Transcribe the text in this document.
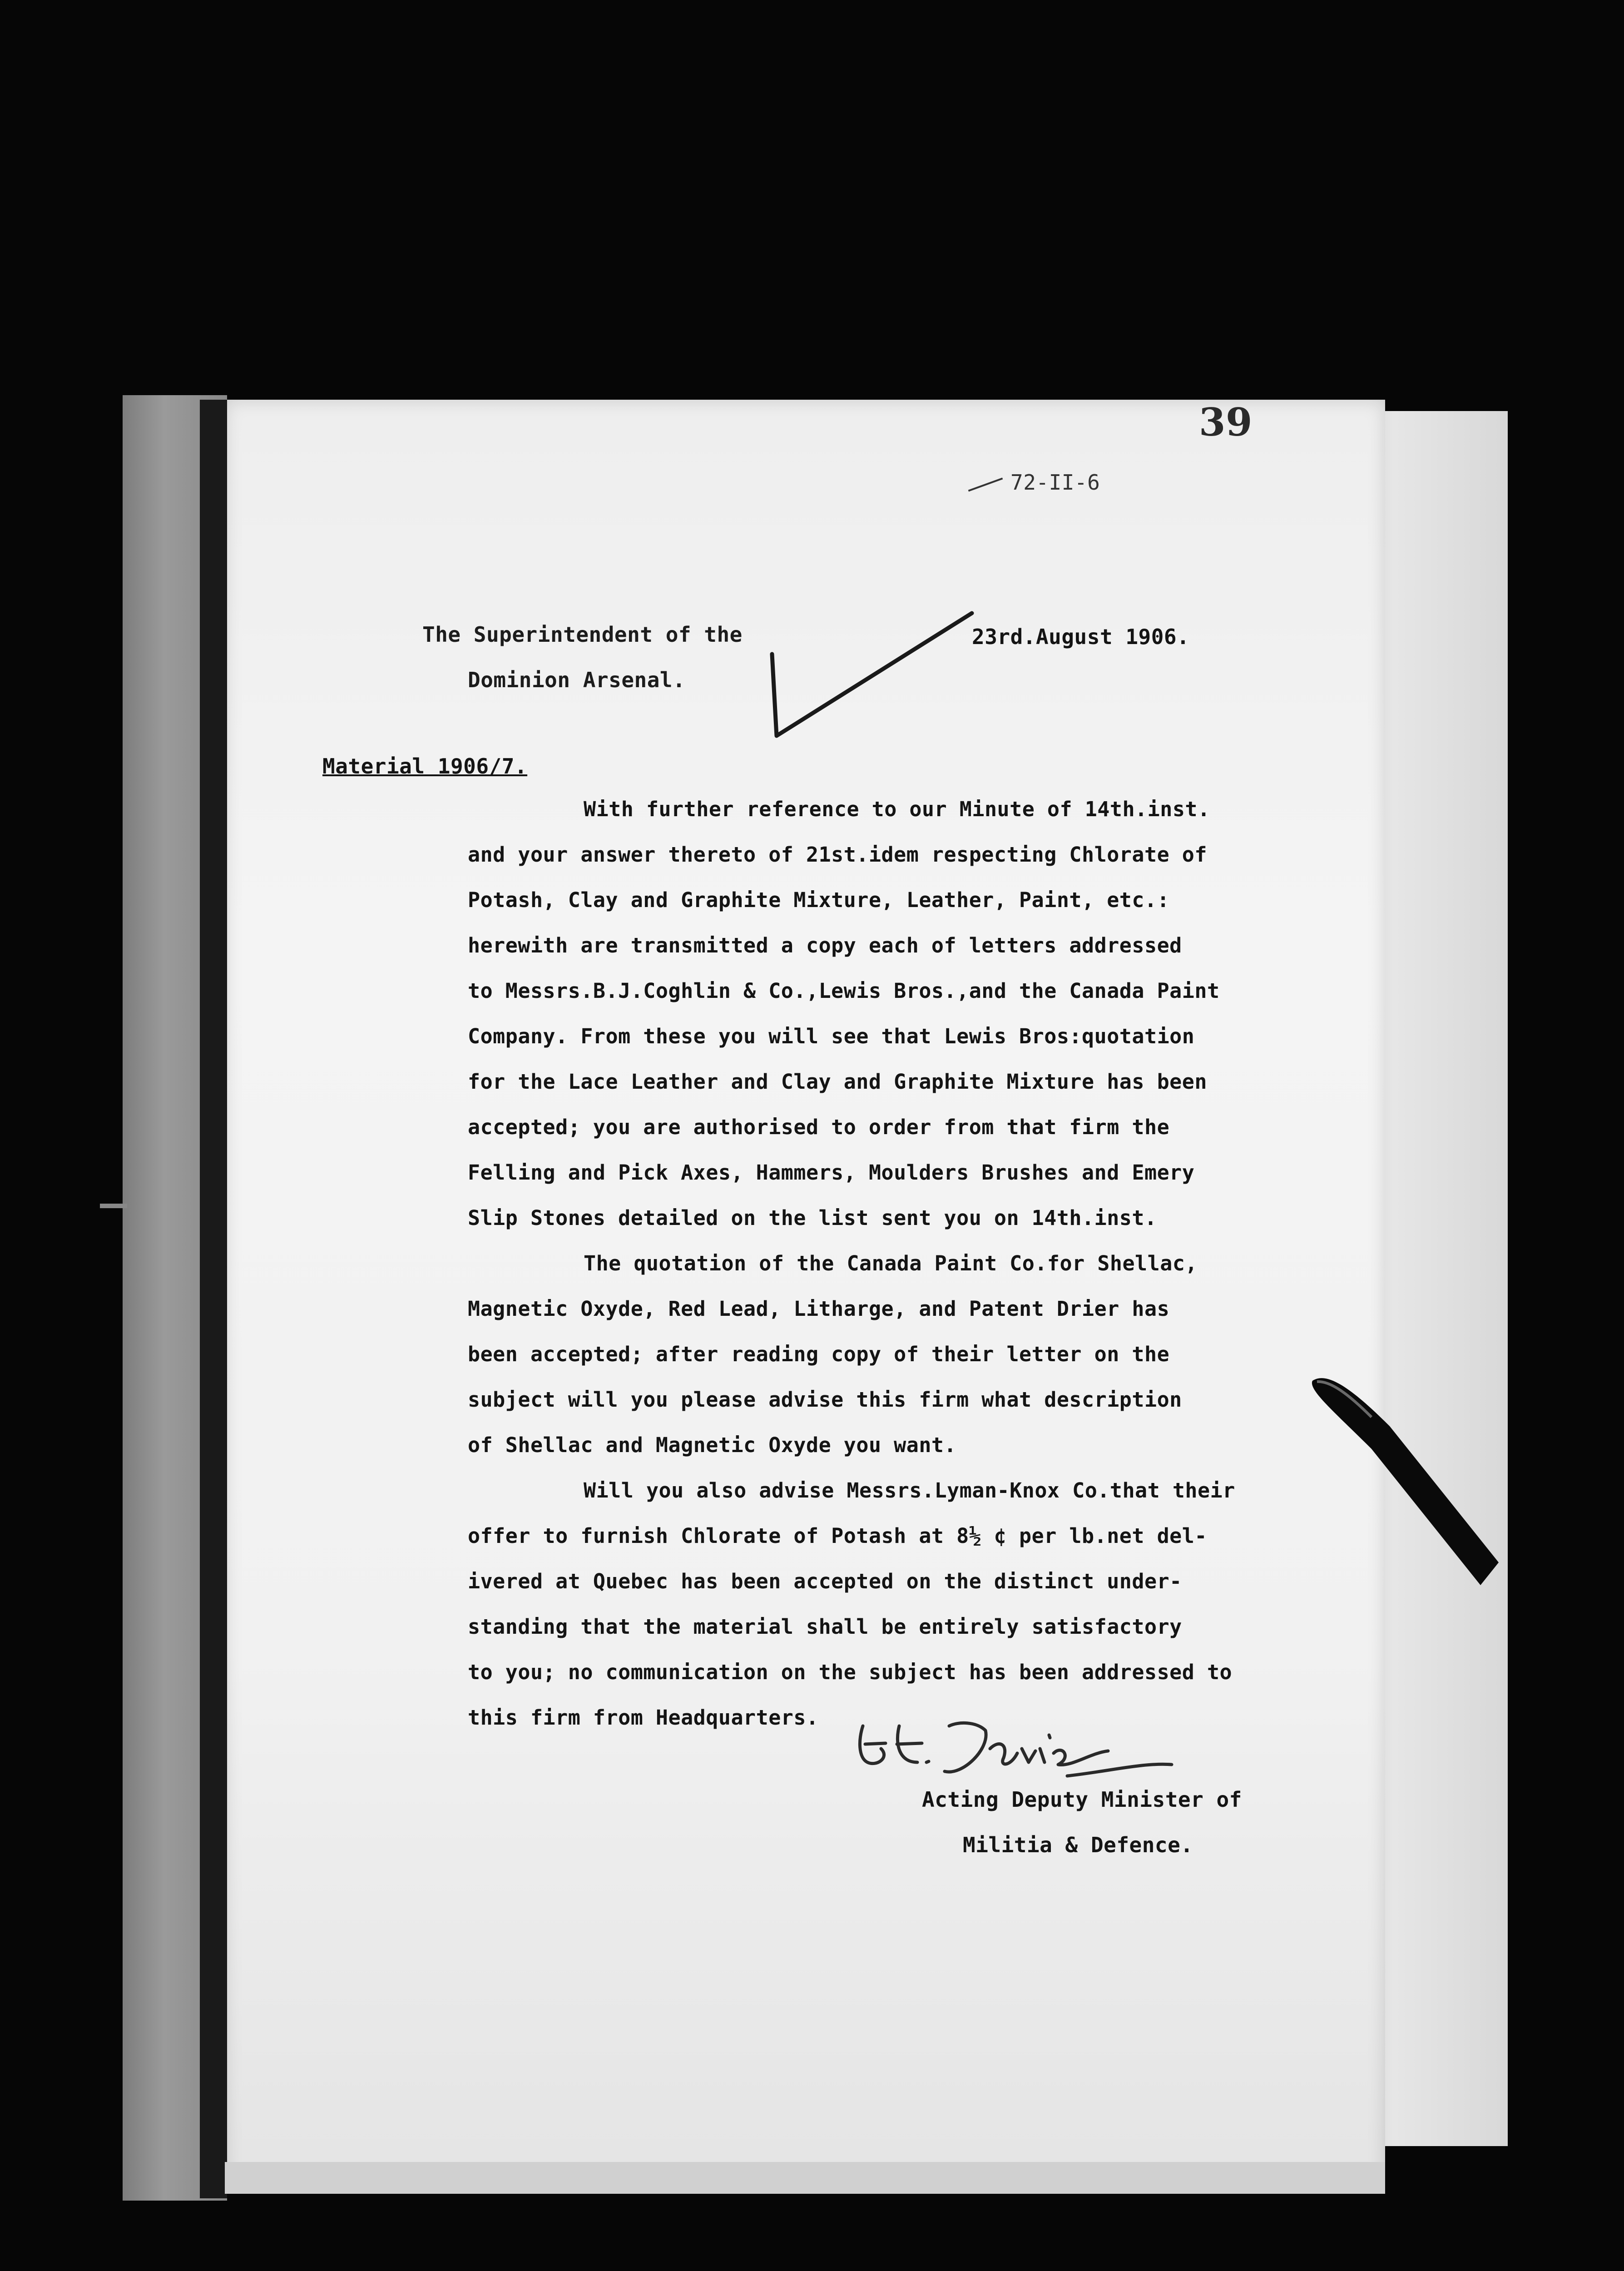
39
72-II-6
The Superintendent of the
Dominion Arsenal.
23rd.August 1906.
Material 1906/7.
With further reference to our Minute of 14th.inst.
and your answer thereto of 21st.idem respecting Chlorate of
Potash, Clay and Graphite Mixture, Leather, Paint, etc.:
herewith are transmitted a copy each of letters addressed
to Messrs.B.J.Coghlin & Co.,Lewis Bros.,and the Canada Paint
Company. From these you will see that Lewis Bros:quotation
for the Lace Leather and Clay and Graphite Mixture has been
accepted; you are authorised to order from that firm the
Felling and Pick Axes, Hammers, Moulders Brushes and Emery
Slip Stones detailed on the list sent you on 14th.inst.
The quotation of the Canada Paint Co.for Shellac,
Magnetic Oxyde, Red Lead, Litharge, and Patent Drier has
been accepted; after reading copy of their letter on the
subject will you please advise this firm what description
of Shellac and Magnetic Oxyde you want.
Will you also advise Messrs.Lyman-Knox Co.that their
offer to furnish Chlorate of Potash at 8½ ¢ per lb.net del-
ivered at Quebec has been accepted on the distinct under-
standing that the material shall be entirely satisfactory
to you; no communication on the subject has been addressed to
this firm from Headquarters.
Acting Deputy Minister of
Militia & Defence.
